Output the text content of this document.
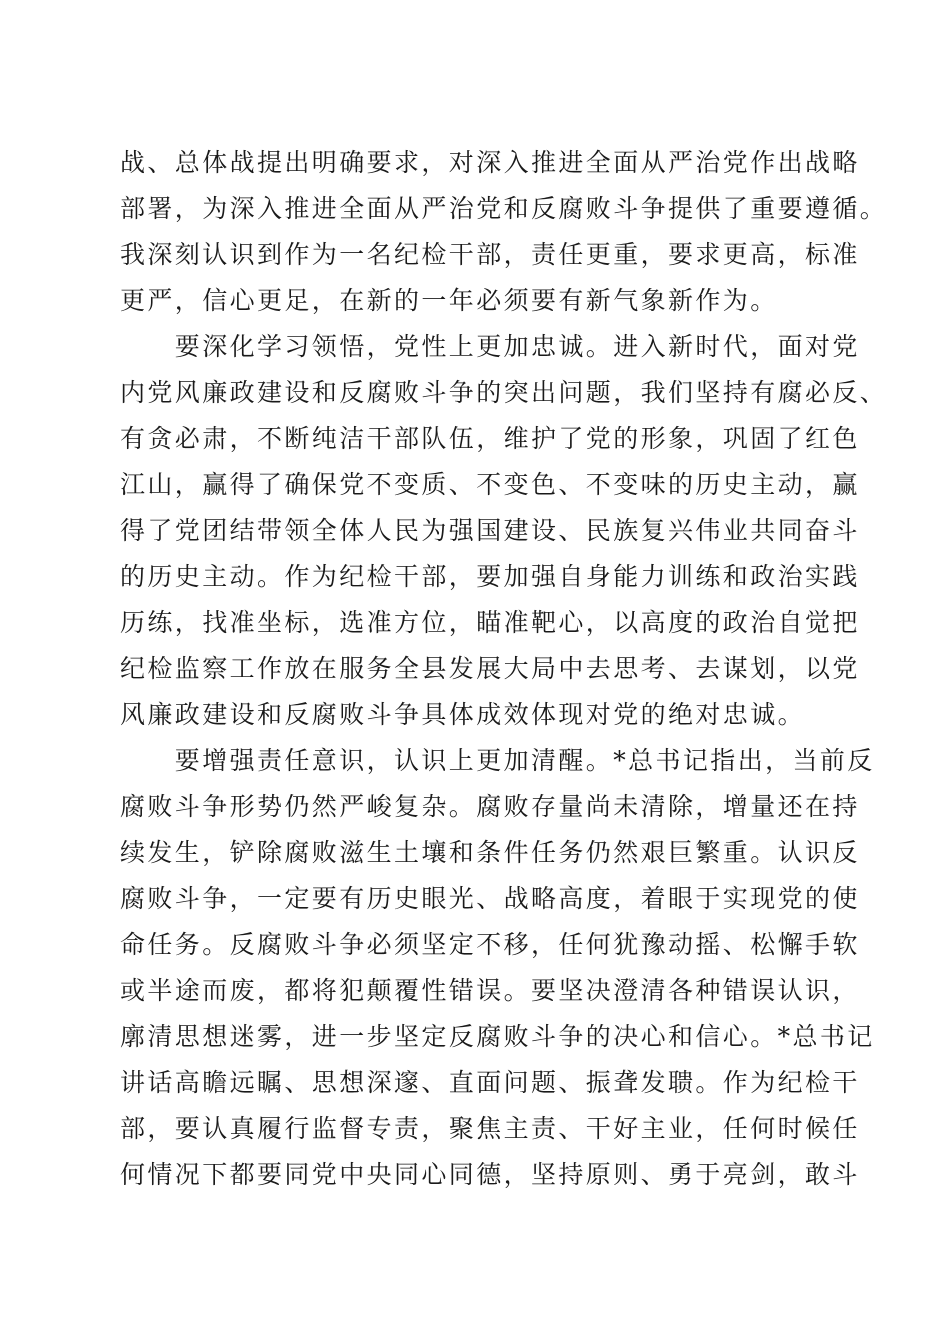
战、总体战提出明确要求，对深入推进全面从严治党作出战略
部署，为深入推进全面从严治党和反腐败斗争提供了重要遵循。
我深刻认识到作为一名纪检干部，责任更重，要求更高，标准
更严，信心更足，在新的一年必须要有新气象新作为。
　　要深化学习领悟，党性上更加忠诚。进入新时代，面对党
内党风廉政建设和反腐败斗争的突出问题，我们坚持有腐必反、
有贪必肃，不断纯洁干部队伍，维护了党的形象，巩固了红色
江山，赢得了确保党不变质、不变色、不变味的历史主动，赢
得了党团结带领全体人民为强国建设、民族复兴伟业共同奋斗
的历史主动。作为纪检干部，要加强自身能力训练和政治实践
历练，找准坐标，选准方位，瞄准靶心，以高度的政治自觉把
纪检监察工作放在服务全县发展大局中去思考、去谋划，以党
风廉政建设和反腐败斗争具体成效体现对党的绝对忠诚。
　　要增强责任意识，认识上更加清醒。*总书记指出，当前反
腐败斗争形势仍然严峻复杂。腐败存量尚未清除，增量还在持
续发生，铲除腐败滋生土壤和条件任务仍然艰巨繁重。认识反
腐败斗争，一定要有历史眼光、战略高度，着眼于实现党的使
命任务。反腐败斗争必须坚定不移，任何犹豫动摇、松懈手软
或半途而废，都将犯颠覆性错误。要坚决澄清各种错误认识，
廓清思想迷雾，进一步坚定反腐败斗争的决心和信心。*总书记
讲话高瞻远瞩、思想深邃、直面问题、振聋发聩。作为纪检干
部，要认真履行监督专责，聚焦主责、干好主业，任何时候任
何情况下都要同党中央同心同德，坚持原则、勇于亮剑，敢斗
